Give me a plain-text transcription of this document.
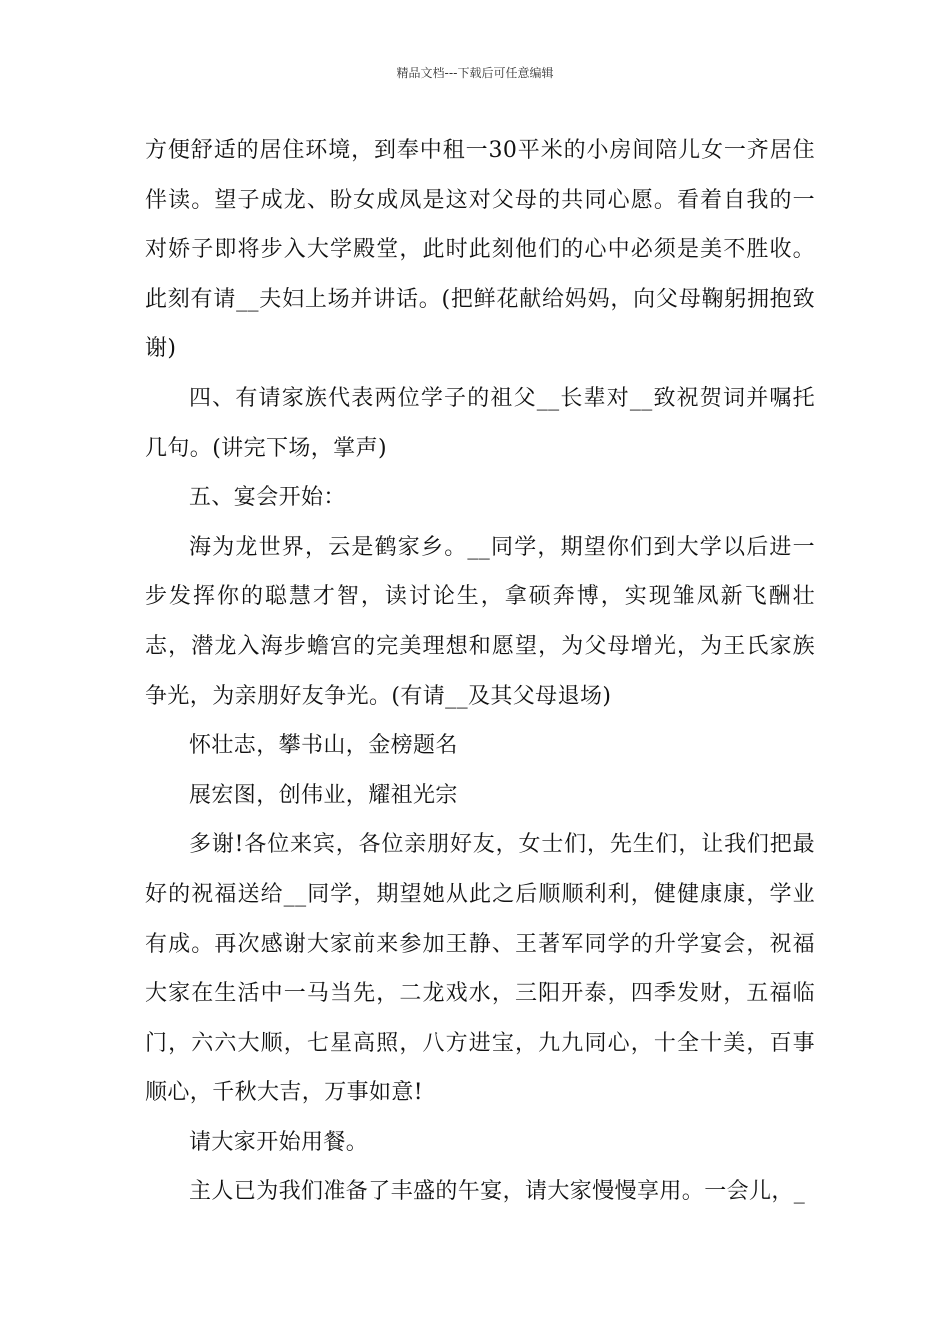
精品文档---下载后可任意编辑

方便舒适的居住环境，到奉中租一30平米的小房间陪儿女一齐居住伴读。望子成龙、盼女成凤是这对父母的共同心愿。看着自我的一对娇子即将步入大学殿堂，此时此刻他们的心中必须是美不胜收。此刻有请__夫妇上场并讲话。(把鲜花献给妈妈，向父母鞠躬拥抱致谢)

四、有请家族代表两位学子的祖父__长辈对__致祝贺词并嘱托几句。(讲完下场，掌声)

五、宴会开始：

海为龙世界，云是鹤家乡。__同学，期望你们到大学以后进一步发挥你的聪慧才智，读讨论生，拿硕奔博，实现雏凤新飞酬壮志，潜龙入海步蟾宫的完美理想和愿望，为父母增光，为王氏家族争光，为亲朋好友争光。(有请__及其父母退场)

怀壮志，攀书山，金榜题名

展宏图，创伟业，耀祖光宗

多谢!各位来宾，各位亲朋好友，女士们，先生们，让我们把最好的祝福送给__同学，期望她从此之后顺顺利利，健健康康，学业有成。再次感谢大家前来参加王静、王著军同学的升学宴会，祝福大家在生活中一马当先，二龙戏水，三阳开泰，四季发财，五福临门，六六大顺，七星高照，八方进宝，九九同心，十全十美，百事顺心，千秋大吉，万事如意!

请大家开始用餐。

主人已为我们准备了丰盛的午宴，请大家慢慢享用。一会儿，_
